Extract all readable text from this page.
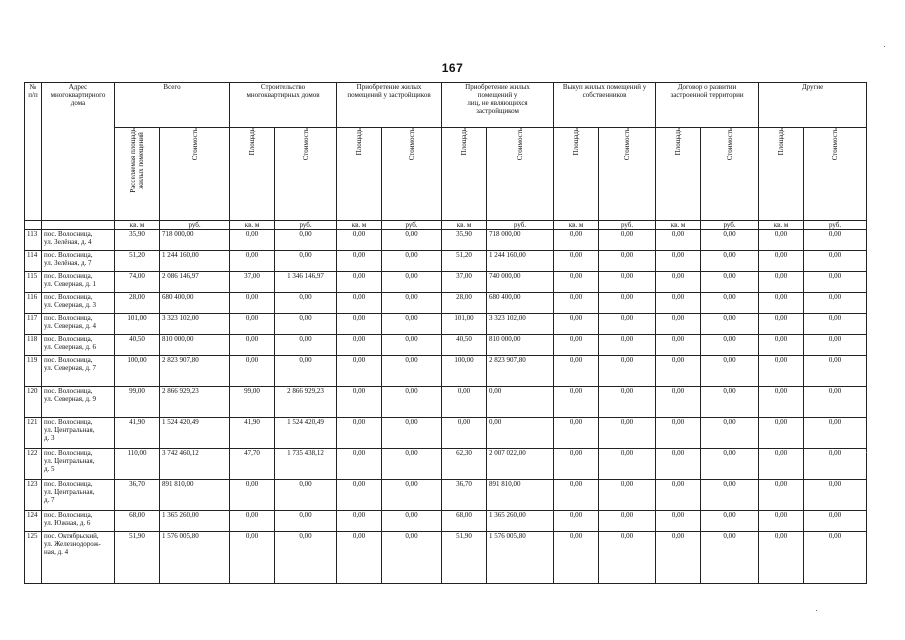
167
№
п/п	Адрес
многоквартирного
дома	Всего		Строительство
многоквартирных домов		Приобретение жилых
помещений у застройщиков		Приобретение жилых
помещений у
лиц, не являющихся
застройщиком		Выкуп жилых помещений у
собственников		Договор о развитии
застроенной территории		Другие	
		Расселяемая площадь
жилых помещений	Стоимость	Площадь	Стоимость	Площадь	Стоимость	Площадь	Стоимость	Площадь	Стоимость	Площадь	Стоимость	Площадь	Стоимость
		кв. м	руб.	кв. м	руб.	кв. м	руб.	кв. м	руб.	кв. м	руб.	кв. м	руб.	кв. м	руб.
113	пос. Волосница,
ул. Зелёная, д. 4	35,90	718 000,00	0,00	0,00	0,00	0,00	35,90	718 000,00	0,00	0,00	0,00	0,00	0,00	0,00
114	пос. Волосница,
ул. Зелёная, д. 7	51,20	1 244 160,00	0,00	0,00	0,00	0,00	51,20	1 244 160,00	0,00	0,00	0,00	0,00	0,00	0,00
115	пос. Волосница,
ул. Северная, д. 1	74,00	2 086 146,97	37,00	1 346 146,97	0,00	0,00	37,00	740 000,00	0,00	0,00	0,00	0,00	0,00	0,00
116	пос. Волосница,
ул. Северная, д. 3	28,00	680 400,00	0,00	0,00	0,00	0,00	28,00	680 400,00	0,00	0,00	0,00	0,00	0,00	0,00
117	пос. Волосница,
ул. Северная, д. 4	101,00	3 323 102,00	0,00	0,00	0,00	0,00	101,00	3 323 102,00	0,00	0,00	0,00	0,00	0,00	0,00
118	пос. Волосница,
ул. Северная, д. 6	40,50	810 000,00	0,00	0,00	0,00	0,00	40,50	810 000,00	0,00	0,00	0,00	0,00	0,00	0,00
119	пос. Волосница,
ул. Северная, д. 7	100,00	2 823 907,80	0,00	0,00	0,00	0,00	100,00	2 823 907,80	0,00	0,00	0,00	0,00	0,00	0,00
120	пос. Волосница,
ул. Северная, д. 9	99,00	2 866 929,23	99,00	2 866 929,23	0,00	0,00	0,00	0,00	0,00	0,00	0,00	0,00	0,00	0,00
121	пос. Волосница,
ул. Центральная,
д. 3	41,90	1 524 420,49	41,90	1 524 420,49	0,00	0,00	0,00	0,00	0,00	0,00	0,00	0,00	0,00	0,00
122	пос. Волосница,
ул. Центральная,
д. 5	110,00	3 742 460,12	47,70	1 735 438,12	0,00	0,00	62,30	2 007 022,00	0,00	0,00	0,00	0,00	0,00	0,00
123	пос. Волосница,
ул. Центральная,
д. 7	36,70	891 810,00	0,00	0,00	0,00	0,00	36,70	891 810,00	0,00	0,00	0,00	0,00	0,00	0,00
124	пос. Волосница,
ул. Южная, д. 6	68,00	1 365 260,00	0,00	0,00	0,00	0,00	68,00	1 365 260,00	0,00	0,00	0,00	0,00	0,00	0,00
125	пос. Октябрьский,
ул. Железнодорож-
ная, д. 4	51,90	1 576 005,80	0,00	0,00	0,00	0,00	51,90	1 576 005,80	0,00	0,00	0,00	0,00	0,00	0,00
